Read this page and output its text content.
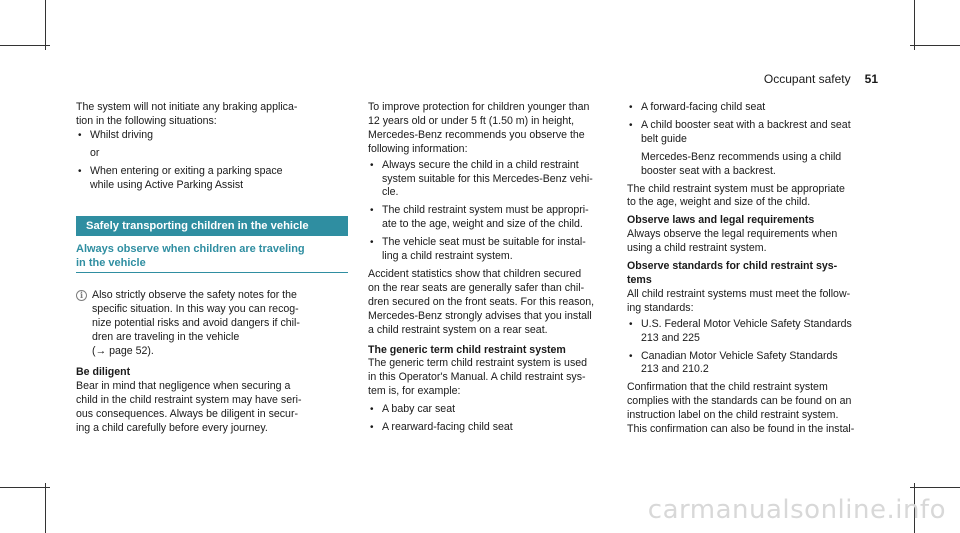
Occupant safety 51

The system will not initiate any braking applica-
tion in the following situations:

• Whilst driving

or

• When entering or exiting a parking space
while using Active Parking Assist

Safely transporting children in the vehicle
Always observe when children are traveling
in the vehicle
i Also strictly observe the safety notes for the
specific situation. In this way you can recog-
nize potential risks and avoid dangers if chil-
dren are traveling in the vehicle
(→ page 52).

Be diligent

Bear in mind that negligence when securing a
child in the child restraint system may have seri-
ous consequences. Always be diligent in secur-
ing a child carefully before every journey.

To improve protection for children younger than
12 years old or under 5 ft (1.50 m) in height,
Mercedes-Benz recommends you observe the
following information:

• Always secure the child in a child restraint
system suitable for this Mercedes-Benz vehi-
cle.

• The child restraint system must be appropri-
ate to the age, weight and size of the child.

• The vehicle seat must be suitable for instal-
ling a child restraint system.

Accident statistics show that children secured
on the rear seats are generally safer than chil-
dren secured on the front seats. For this reason,
Mercedes-Benz strongly advises that you install
a child restraint system on a rear seat.

The generic term child restraint system

The generic term child restraint system is used
in this Operator's Manual. A child restraint sys-
tem is, for example:

• A baby car seat

• A rearward-facing child seat

• A forward-facing child seat

• A child booster seat with a backrest and seat
belt guide

Mercedes-Benz recommends using a child
booster seat with a backrest.

The child restraint system must be appropriate
to the age, weight and size of the child.

Observe laws and legal requirements

Always observe the legal requirements when
using a child restraint system.

Observe standards for child restraint sys-
tems

All child restraint systems must meet the follow-
ing standards:

• U.S. Federal Motor Vehicle Safety Standards
213 and 225

• Canadian Motor Vehicle Safety Standards
213 and 210.2

Confirmation that the child restraint system
complies with the standards can be found on an
instruction label on the child restraint system.
This confirmation can also be found in the instal-

carmanualsonline.info
